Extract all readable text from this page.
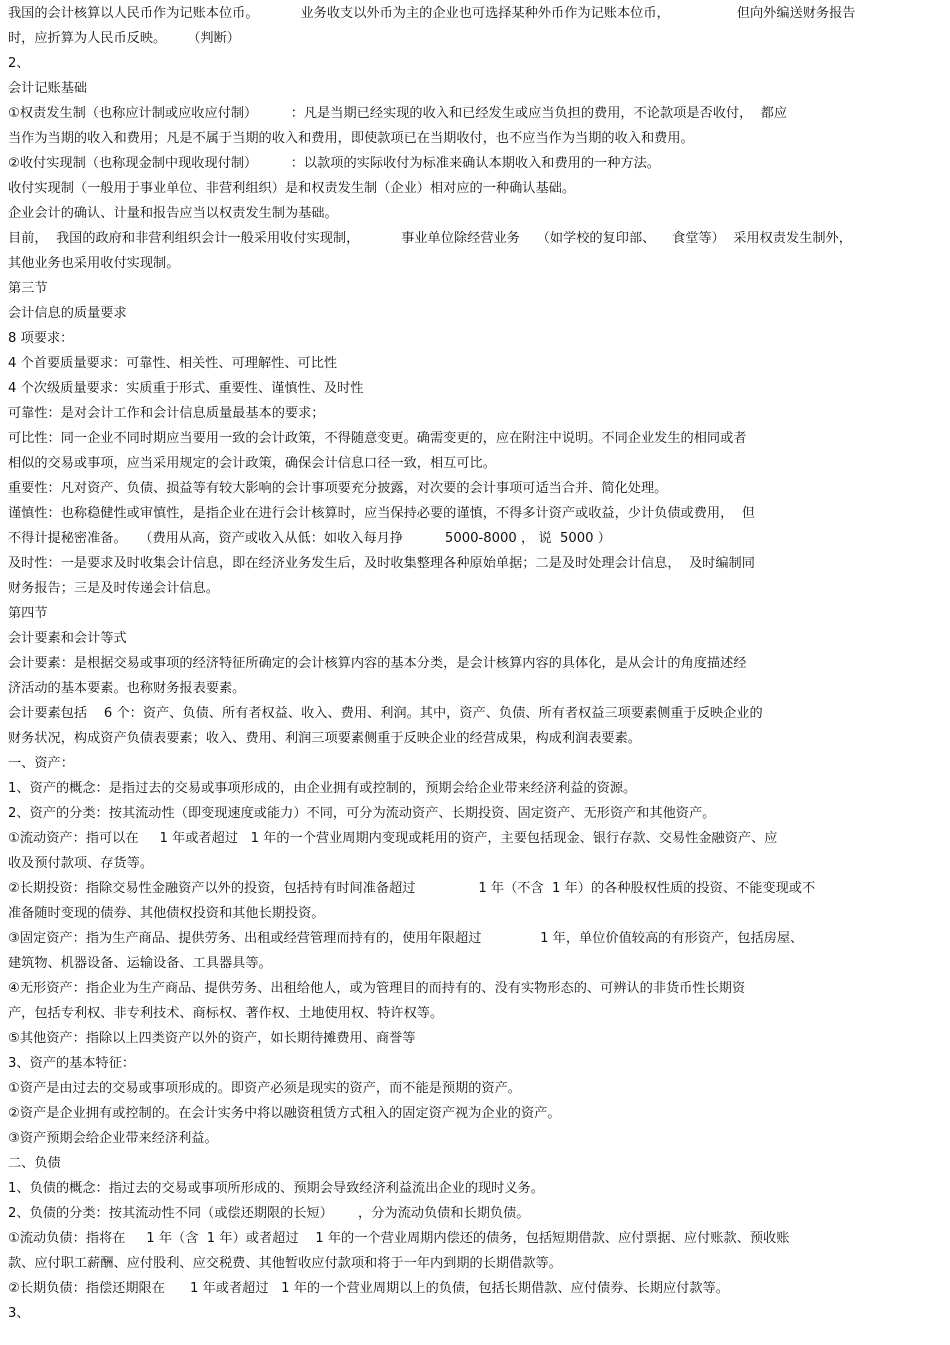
我国的会计核算以人民币作为记账本位币。          业务收支以外币为主的企业也可选择某种外币作为记账本位币，                但向外编送财务报告
时，应折算为人民币反映。     （判断）
2、
会计记账基础
①权责发生制（也称应计制或应收应付制）        ：凡是当期已经实现的收入和已经发生或应当负担的费用，不论款项是否收付，  都应
当作为当期的收入和费用；凡是不属于当期的收入和费用，即使款项已在当期收付，也不应当作为当期的收入和费用。
②收付实现制（也称现金制中现收现付制）        ：以款项的实际收付为标准来确认本期收入和费用的一种方法。
收付实现制（一般用于事业单位、非营利组织）是和权责发生制（企业）相对应的一种确认基础。
企业会计的确认、计量和报告应当以权责发生制为基础。
目前，  我国的政府和非营利组织会计一般采用收付实现制，          事业单位除经营业务    （如学校的复印部、    食堂等）  采用权责发生制外，
其他业务也采用收付实现制。
第三节
会计信息的质量要求
8 项要求：
4 个首要质量要求：可靠性、相关性、可理解性、可比性
4 个次级质量要求：实质重于形式、重要性、谨慎性、及时性
可靠性：是对会计工作和会计信息质量最基本的要求；
可比性：同一企业不同时期应当要用一致的会计政策，不得随意变更。确需变更的，应在附注中说明。不同企业发生的相同或者
相似的交易或事项，应当采用规定的会计政策，确保会计信息口径一致，相互可比。
重要性：凡对资产、负债、损益等有较大影响的会计事项要充分披露，对次要的会计事项可适当合并、简化处理。
谨慎性：也称稳健性或审慎性，是指企业在进行会计核算时，应当保持必要的谨慎，不得多计资产或收益，少计负债或费用，  但
不得计提秘密准备。   （费用从高，资产或收入从低：如收入每月挣          5000-8000 ， 说  5000 ）
及时性：一是要求及时收集会计信息，即在经济业务发生后，及时收集整理各种原始单据；二是及时处理会计信息，  及时编制同
财务报告；三是及时传递会计信息。
第四节
会计要素和会计等式
会计要素：是根据交易或事项的经济特征所确定的会计核算内容的基本分类，是会计核算内容的具体化，是从会计的角度描述经
济活动的基本要素。也称财务报表要素。
会计要素包括    6 个：资产、负债、所有者权益、收入、费用、利润。其中，资产、负债、所有者权益三项要素侧重于反映企业的
财务状况，构成资产负债表要素；收入、费用、利润三项要素侧重于反映企业的经营成果，构成利润表要素。
一、资产：
1、资产的概念：是指过去的交易或事项形成的，由企业拥有或控制的，预期会给企业带来经济利益的资源。
2、资产的分类：按其流动性（即变现速度或能力）不同，可分为流动资产、长期投资、固定资产、无形资产和其他资产。
①流动资产：指可以在     1 年或者超过   1 年的一个营业周期内变现或耗用的资产，主要包括现金、银行存款、交易性金融资产、应
收及预付款项、存货等。
②长期投资：指除交易性金融资产以外的投资，包括持有时间准备超过               1 年（不含  1 年）的各种股权性质的投资、不能变现或不
准备随时变现的债券、其他债权投资和其他长期投资。
③固定资产：指为生产商品、提供劳务、出租或经营管理而持有的，使用年限超过              1 年，单位价值较高的有形资产，包括房屋、
建筑物、机器设备、运输设备、工具器具等。
④无形资产：指企业为生产商品、提供劳务、出租给他人，或为管理目的而持有的、没有实物形态的、可辨认的非货币性长期资
产，包括专利权、非专利技术、商标权、著作权、土地使用权、特许权等。
⑤其他资产：指除以上四类资产以外的资产，如长期待摊费用、商誉等
3、资产的基本特征：
①资产是由过去的交易或事项形成的。即资产必须是现实的资产，而不能是预期的资产。
②资产是企业拥有或控制的。在会计实务中将以融资租赁方式租入的固定资产视为企业的资产。
③资产预期会给企业带来经济利益。
二、负债
1、负债的概念：指过去的交易或事项所形成的、预期会导致经济利益流出企业的现时义务。
2、负债的分类：按其流动性不同（或偿还期限的长短）      ，分为流动负债和长期负债。
①流动负债：指将在     1 年（含  1 年）或者超过    1 年的一个营业周期内偿还的债务，包括短期借款、应付票据、应付账款、预收账
款、应付职工薪酬、应付股利、应交税费、其他暂收应付款项和将于一年内到期的长期借款等。
②长期负债：指偿还期限在      1 年或者超过   1 年的一个营业周期以上的负债，包括长期借款、应付债券、长期应付款等。
3、
